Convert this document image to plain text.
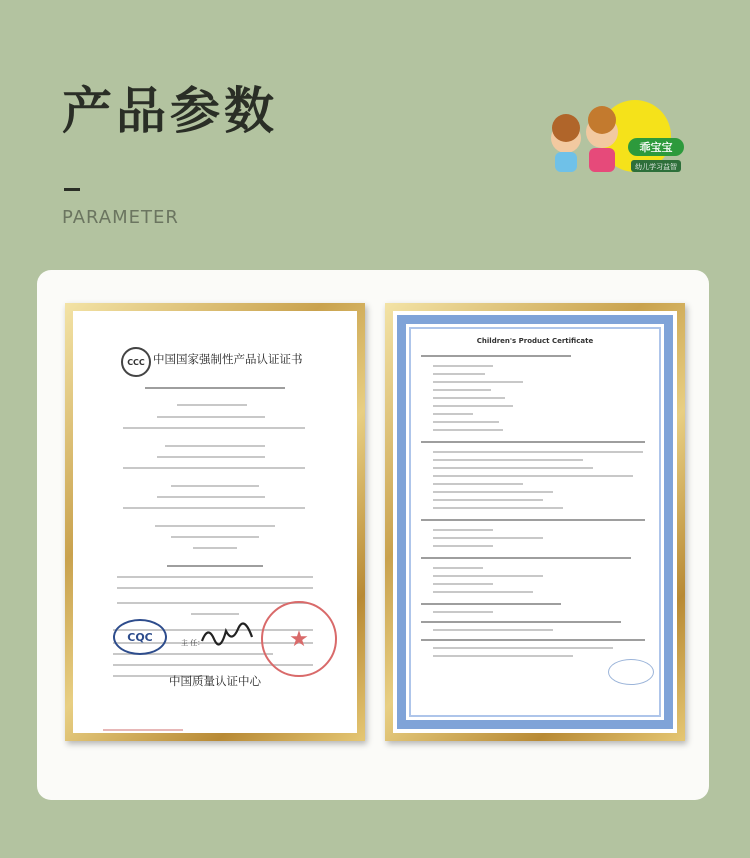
产品参数
PARAMETER
乖宝宝
幼儿学习益智
CCC 中国国家强制性产品认证证书
★
CQC	主 任：
中国质量认证中心
Children's Product Certificate
